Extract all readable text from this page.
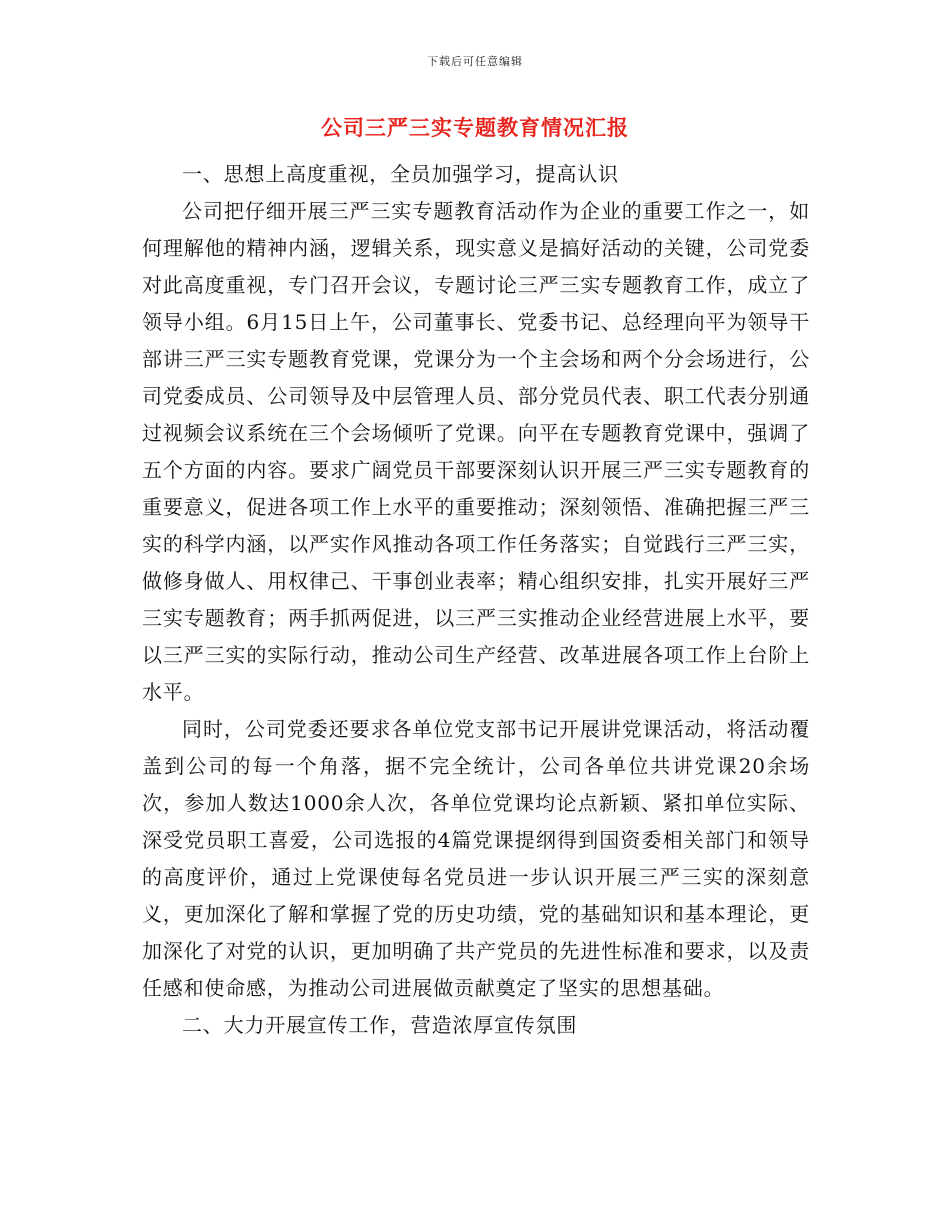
下载后可任意编辑
公司三严三实专题教育情况汇报

一、思想上高度重视，全员加强学习，提高认识

公司把仔细开展三严三实专题教育活动作为企业的重要工作之一，如何理解他的精神内涵，逻辑关系，现实意义是搞好活动的关键，公司党委对此高度重视，专门召开会议，专题讨论三严三实专题教育工作，成立了领导小组。6月15日上午，公司董事长、党委书记、总经理向平为领导干部讲三严三实专题教育党课，党课分为一个主会场和两个分会场进行，公司党委成员、公司领导及中层管理人员、部分党员代表、职工代表分别通过视频会议系统在三个会场倾听了党课。向平在专题教育党课中，强调了五个方面的内容。要求广阔党员干部要深刻认识开展三严三实专题教育的重要意义，促进各项工作上水平的重要推动；深刻领悟、准确把握三严三实的科学内涵，以严实作风推动各项工作任务落实；自觉践行三严三实，做修身做人、用权律己、干事创业表率；精心组织安排，扎实开展好三严三实专题教育；两手抓两促进，以三严三实推动企业经营进展上水平，要以三严三实的实际行动，推动公司生产经营、改革进展各项工作上台阶上水平。

同时，公司党委还要求各单位党支部书记开展讲党课活动，将活动覆盖到公司的每一个角落，据不完全统计，公司各单位共讲党课20余场次，参加人数达1000余人次，各单位党课均论点新颖、紧扣单位实际、深受党员职工喜爱，公司选报的4篇党课提纲得到国资委相关部门和领导的高度评价，通过上党课使每名党员进一步认识开展三严三实的深刻意义，更加深化了解和掌握了党的历史功绩，党的基础知识和基本理论，更加深化了对党的认识，更加明确了共产党员的先进性标准和要求，以及责任感和使命感，为推动公司进展做贡献奠定了坚实的思想基础。

二、大力开展宣传工作，营造浓厚宣传氛围
